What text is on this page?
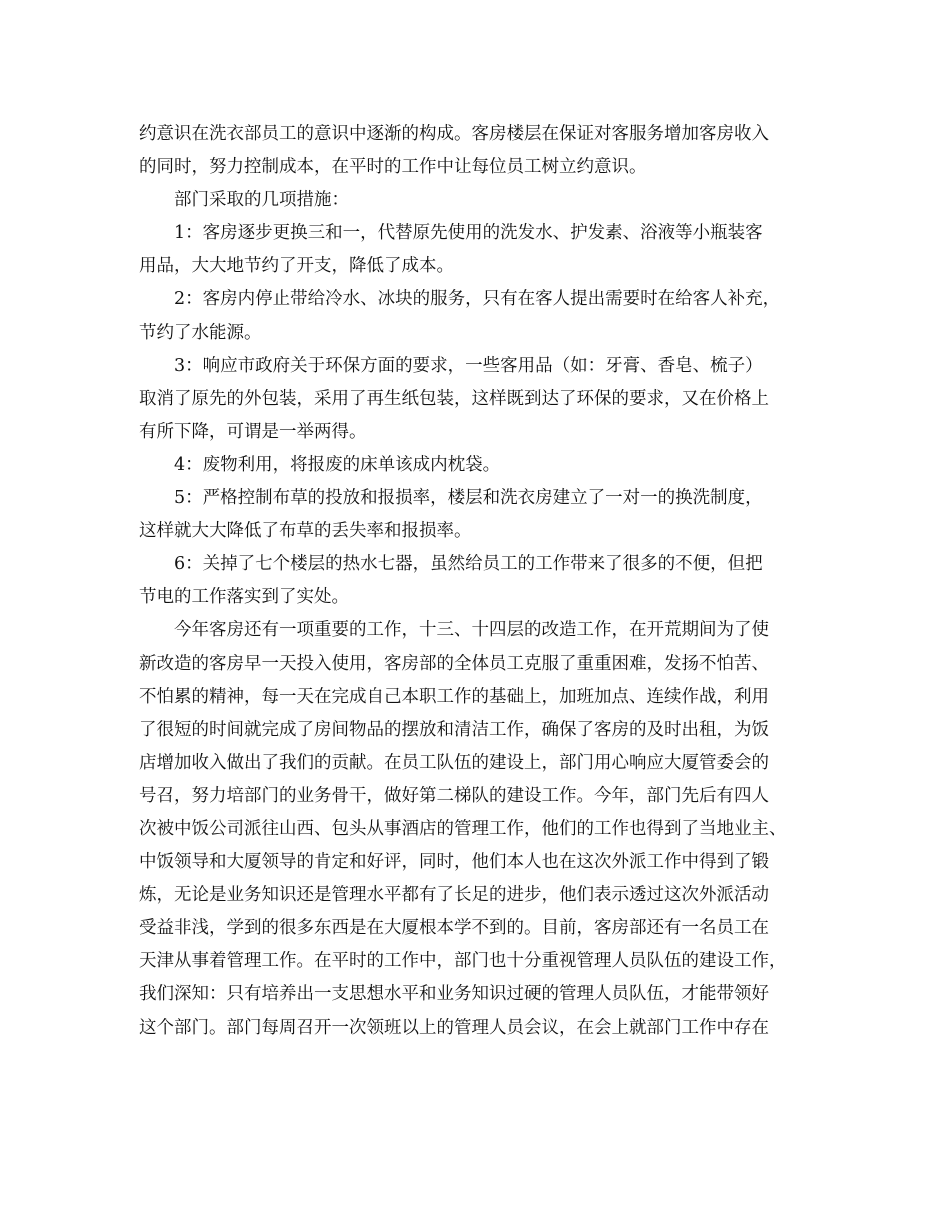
约意识在洗衣部员工的意识中逐渐的构成。客房楼层在保证对客服务增加客房收入
的同时，努力控制成本，在平时的工作中让每位员工树立约意识。
部门采取的几项措施：
1：客房逐步更换三和一，代替原先使用的洗发水、护发素、浴液等小瓶装客
用品，大大地节约了开支，降低了成本。
2：客房内停止带给冷水、冰块的服务，只有在客人提出需要时在给客人补充，
节约了水能源。
3：响应市政府关于环保方面的要求，一些客用品（如：牙膏、香皂、梳子）
取消了原先的外包装，采用了再生纸包装，这样既到达了环保的要求，又在价格上
有所下降，可谓是一举两得。
4：废物利用，将报废的床单该成内枕袋。
5：严格控制布草的投放和报损率，楼层和洗衣房建立了一对一的换洗制度，
这样就大大降低了布草的丢失率和报损率。
6：关掉了七个楼层的热水七器，虽然给员工的工作带来了很多的不便，但把
节电的工作落实到了实处。
今年客房还有一项重要的工作，十三、十四层的改造工作，在开荒期间为了使
新改造的客房早一天投入使用，客房部的全体员工克服了重重困难，发扬不怕苦、
不怕累的精神，每一天在完成自己本职工作的基础上，加班加点、连续作战，利用
了很短的时间就完成了房间物品的摆放和清洁工作，确保了客房的及时出租，为饭
店增加收入做出了我们的贡献。在员工队伍的建设上，部门用心响应大厦管委会的
号召，努力培部门的业务骨干，做好第二梯队的建设工作。今年，部门先后有四人
次被中饭公司派往山西、包头从事酒店的管理工作，他们的工作也得到了当地业主、
中饭领导和大厦领导的肯定和好评，同时，他们本人也在这次外派工作中得到了锻
炼，无论是业务知识还是管理水平都有了长足的进步，他们表示透过这次外派活动
受益非浅，学到的很多东西是在大厦根本学不到的。目前，客房部还有一名员工在
天津从事着管理工作。在平时的工作中，部门也十分重视管理人员队伍的建设工作，
我们深知：只有培养出一支思想水平和业务知识过硬的管理人员队伍，才能带领好
这个部门。部门每周召开一次领班以上的管理人员会议，在会上就部门工作中存在
